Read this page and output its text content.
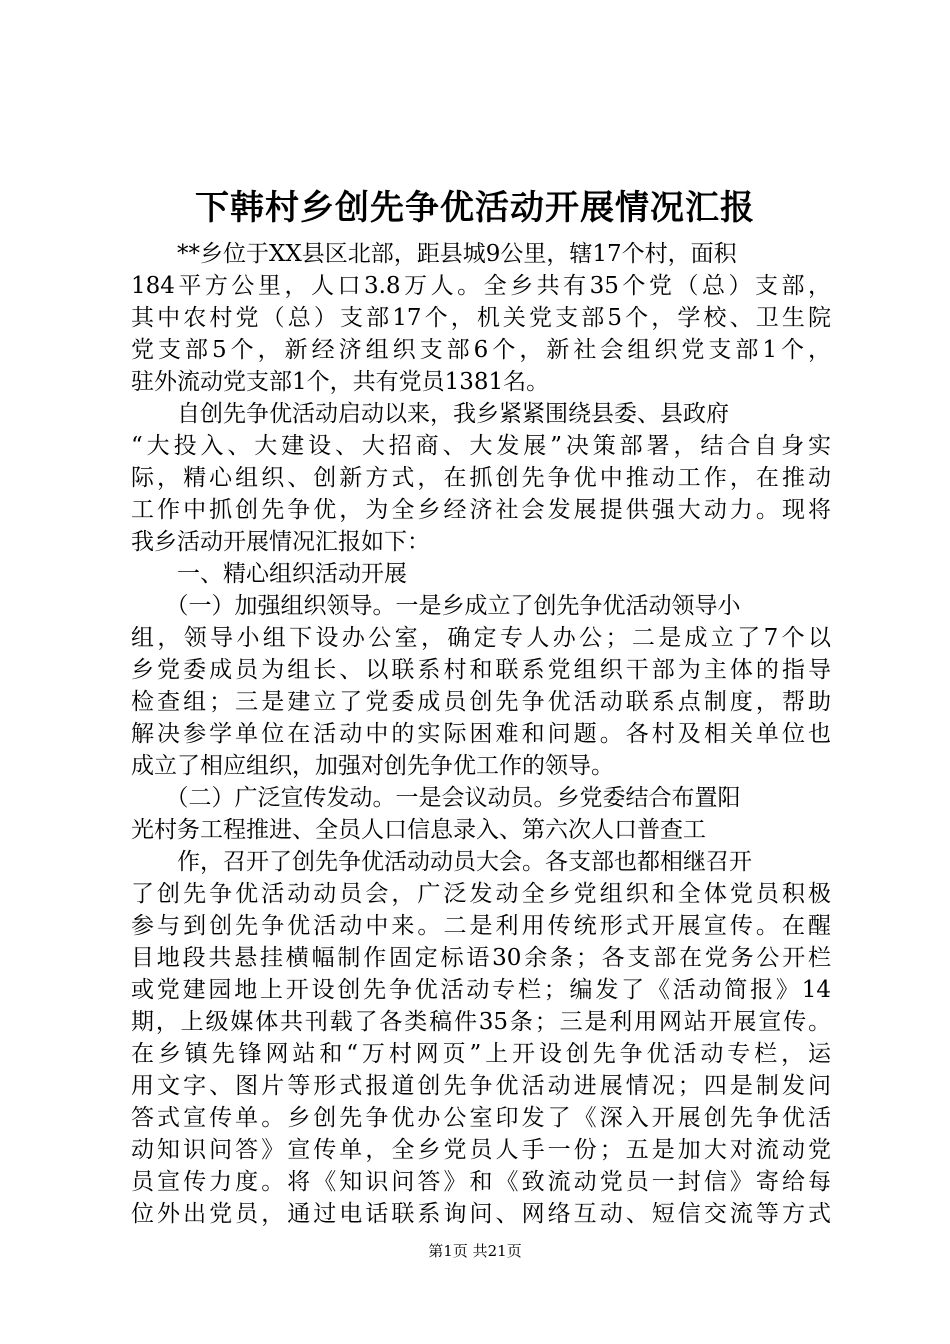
下韩村乡创先争优活动开展情况汇报
　　**乡位于XX县区北部，距县城9公里，辖17个村，面积
184平方公里，人口3.8万人。全乡共有35个党（总）支部，
其中农村党（总）支部17个，机关党支部5个，学校、卫生院
党支部5个，新经济组织支部6个，新社会组织党支部1个，
驻外流动党支部1个，共有党员1381名。
　　自创先争优活动启动以来，我乡紧紧围绕县委、县政府
“大投入、大建设、大招商、大发展”决策部署，结合自身实
际，精心组织、创新方式，在抓创先争优中推动工作，在推动
工作中抓创先争优，为全乡经济社会发展提供强大动力。现将
我乡活动开展情况汇报如下：
　　一、精心组织活动开展
　　（一）加强组织领导。一是乡成立了创先争优活动领导小
组，领导小组下设办公室，确定专人办公；二是成立了7个以
乡党委成员为组长、以联系村和联系党组织干部为主体的指导
检查组；三是建立了党委成员创先争优活动联系点制度，帮助
解决参学单位在活动中的实际困难和问题。各村及相关单位也
成立了相应组织，加强对创先争优工作的领导。
　　（二）广泛宣传发动。一是会议动员。乡党委结合布置阳
光村务工程推进、全员人口信息录入、第六次人口普查工
　　作，召开了创先争优活动动员大会。各支部也都相继召开
了创先争优活动动员会，广泛发动全乡党组织和全体党员积极
参与到创先争优活动中来。二是利用传统形式开展宣传。在醒
目地段共悬挂横幅制作固定标语30余条；各支部在党务公开栏
或党建园地上开设创先争优活动专栏；编发了《活动简报》14
期，上级媒体共刊载了各类稿件35条；三是利用网站开展宣传。
在乡镇先锋网站和“万村网页”上开设创先争优活动专栏，运
用文字、图片等形式报道创先争优活动进展情况；四是制发问
答式宣传单。乡创先争优办公室印发了《深入开展创先争优活
动知识问答》宣传单，全乡党员人手一份；五是加大对流动党
员宣传力度。将《知识问答》和《致流动党员一封信》寄给每
位外出党员，通过电话联系询问、网络互动、短信交流等方式
第1页 共21页
